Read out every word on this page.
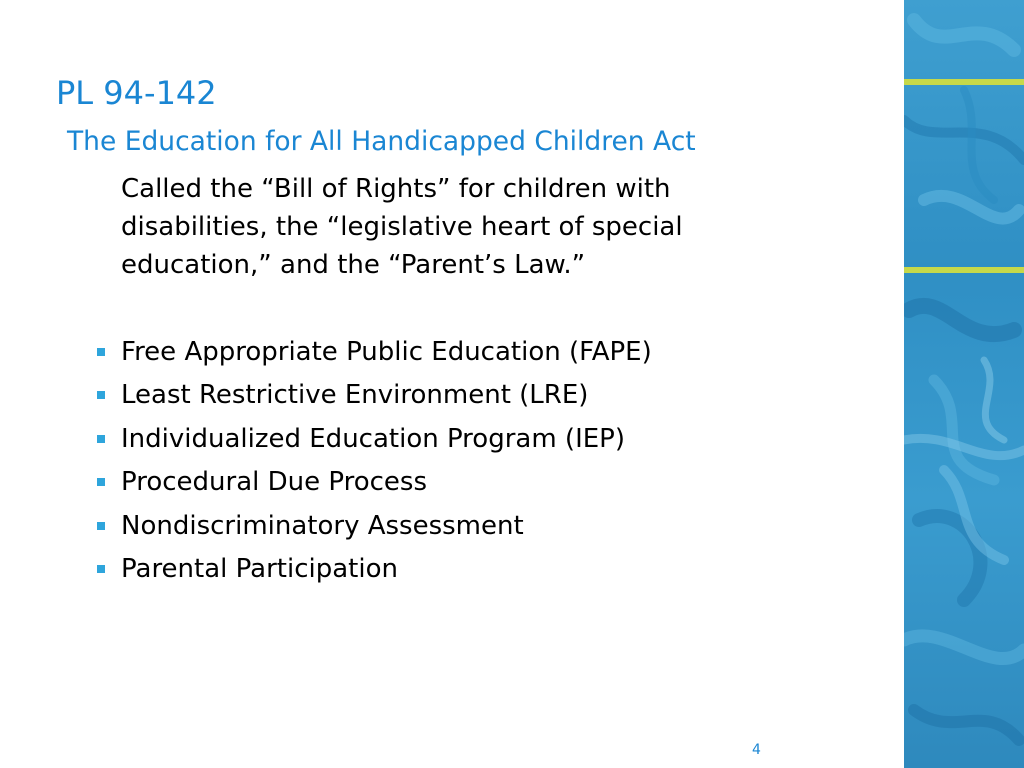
PL 94-142
The Education for All Handicapped Children Act

Called the “Bill of Rights” for children with
disabilities, the “legislative heart of special
education,” and the “Parent’s Law.”

Free Appropriate Public Education (FAPE)
Least Restrictive Environment (LRE)
Individualized Education Program (IEP)
Procedural Due Process
Nondiscriminatory Assessment
Parental Participation
4
